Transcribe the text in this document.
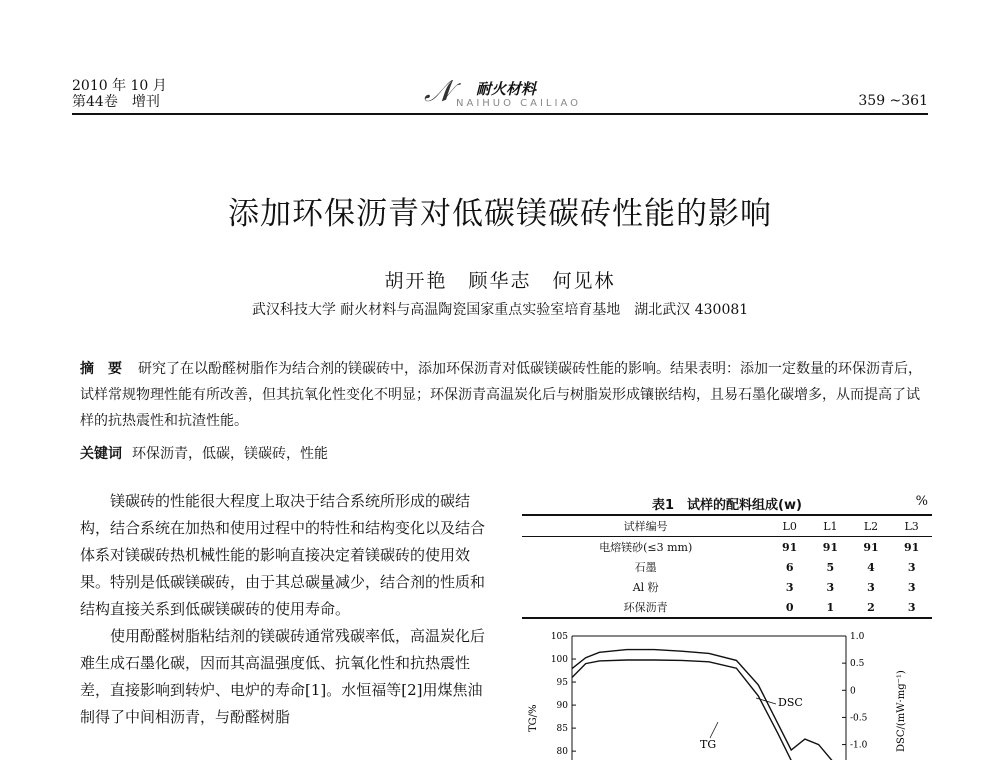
2010 年 10 月
第44卷　增刊	𝒩 耐火材料
NAIHUO CAILIAO	359 ~361
添加环保沥青对低碳镁碳砖性能的影响
胡开艳　顾华志　何见林
武汉科技大学 耐火材料与高温陶瓷国家重点实验室培育基地　湖北武汉 430081
摘　要 研究了在以酚醛树脂作为结合剂的镁碳砖中，添加环保沥青对低碳镁碳砖性能的影响。结果表明：添加一定数量的环保沥青后，试样常规物理性能有所改善，但其抗氧化性变化不明显；环保沥青高温炭化后与树脂炭形成镶嵌结构，且易石墨化碳增多，从而提高了试样的抗热震性和抗渣性能。
关键词 环保沥青，低碳，镁碳砖，性能

镁碳砖的性能很大程度上取决于结合系统所形成的碳结构，结合系统在加热和使用过程中的特性和结构变化以及结合体系对镁碳砖热机械性能的影响直接决定着镁碳砖的使用效果。特别是低碳镁碳砖，由于其总碳量减少，结合剂的性质和结构直接关系到低碳镁碳砖的使用寿命。

使用酚醛树脂粘结剂的镁碳砖通常残碳率低，高温炭化后难生成石墨化碳，因而其高温强度低、抗氧化性和抗热震性差，直接影响到转炉、电炉的寿命[1]。水恒福等[2]用煤焦油制得了中间相沥青，与酚醛树脂

表1　试样的配料组成(w)	%
试样编号	L0	L1	L2	L3
电熔镁砂(≤3 mm)	91	91	91	91
石墨	6	5	4	3
Al 粉	3	3	3	3
环保沥青	0	1	2	3
80
85
90
95
100
105	1.0
0.5
0
-0.5
-1.0
TG/%	DSC/(mW·mg⁻¹)
DSC
TG
